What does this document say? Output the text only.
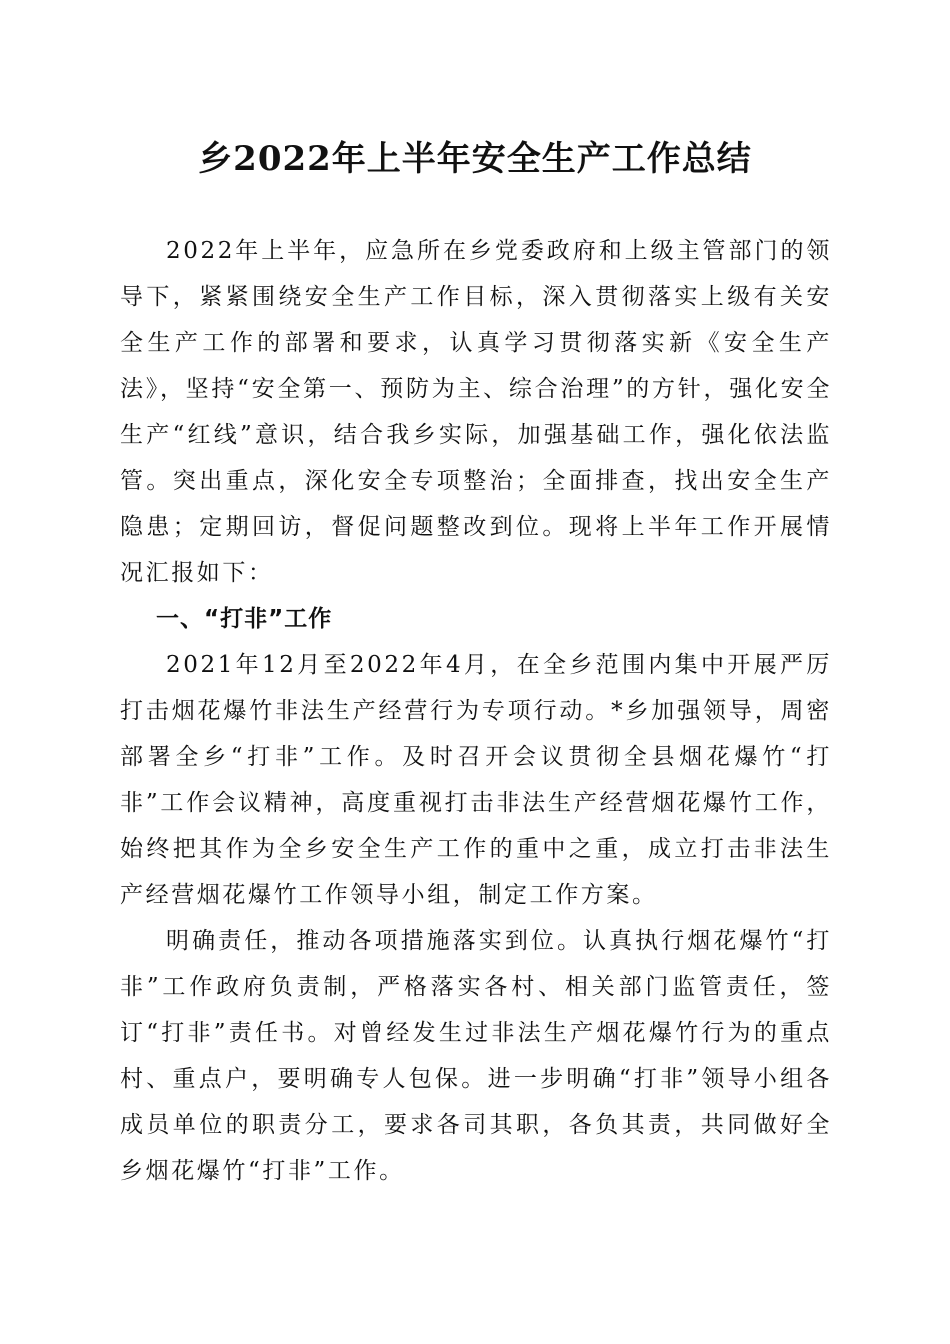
乡2022年上半年安全生产工作总结

2022年上半年，应急所在乡党委政府和上级主管部门的领导下，紧紧围绕安全生产工作目标，深入贯彻落实上级有关安全生产工作的部署和要求，认真学习贯彻落实新《安全生产法》，坚持“安全第一、预防为主、综合治理”的方针，强化安全生产“红线”意识，结合我乡实际，加强基础工作，强化依法监管。突出重点，深化安全专项整治；全面排查，找出安全生产隐患；定期回访，督促问题整改到位。现将上半年工作开展情况汇报如下：

一、“打非”工作

2021年12月至2022年4月，在全乡范围内集中开展严厉打击烟花爆竹非法生产经营行为专项行动。*乡加强领导，周密部署全乡“打非”工作。及时召开会议贯彻全县烟花爆竹“打非”工作会议精神，高度重视打击非法生产经营烟花爆竹工作，始终把其作为全乡安全生产工作的重中之重，成立打击非法生产经营烟花爆竹工作领导小组，制定工作方案。

明确责任，推动各项措施落实到位。认真执行烟花爆竹“打非”工作政府负责制，严格落实各村、相关部门监管责任，签订“打非”责任书。对曾经发生过非法生产烟花爆竹行为的重点村、重点户，要明确专人包保。进一步明确“打非”领导小组各成员单位的职责分工，要求各司其职，各负其责，共同做好全乡烟花爆竹“打非”工作。
